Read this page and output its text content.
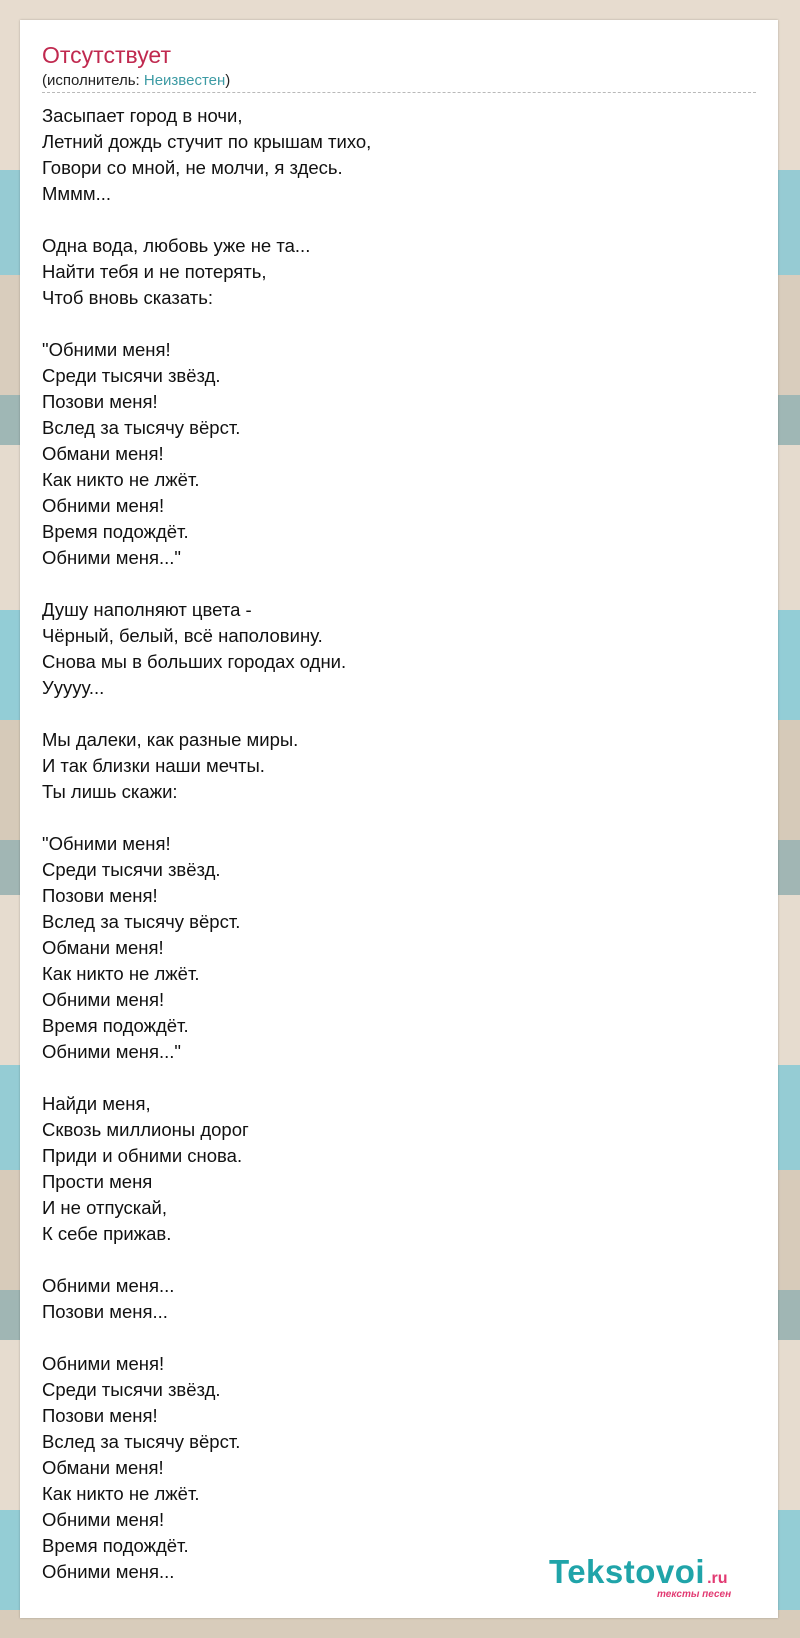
Отсутствует
(исполнитель: Неизвестен)
Засыпает город в ночи,
Летний дождь стучит по крышам тихо,
Говори со мной, не молчи, я здесь.
Мммм...
Одна вода, любовь уже не та...
Найти тебя и не потерять,
Чтоб вновь сказать:
"Обними меня!
Среди тысячи звёзд.
Позови меня!
Вслед за тысячу вёрст.
Обмани меня!
Как никто не лжёт.
Обними меня!
Время подождёт.
Обними меня..."
Душу наполняют цвета -
Чёрный, белый, всё наполовину.
Снова мы в больших городах одни.
Ууууу...
Мы далеки, как разные миры.
И так близки наши мечты.
Ты лишь скажи:
"Обними меня!
Среди тысячи звёзд.
Позови меня!
Вслед за тысячу вёрст.
Обмани меня!
Как никто не лжёт.
Обними меня!
Время подождёт.
Обними меня..."
Найди меня,
Сквозь миллионы дорог
Приди и обними снова.
Прости меня
И не отпускай,
К себе прижав.
Обними меня...
Позови меня...
Обними меня!
Среди тысячи звёзд.
Позови меня!
Вслед за тысячу вёрст.
Обмани меня!
Как никто не лжёт.
Обними меня!
Время подождёт.
Обними меня...	Tekstovoi .ru
тексты песен
